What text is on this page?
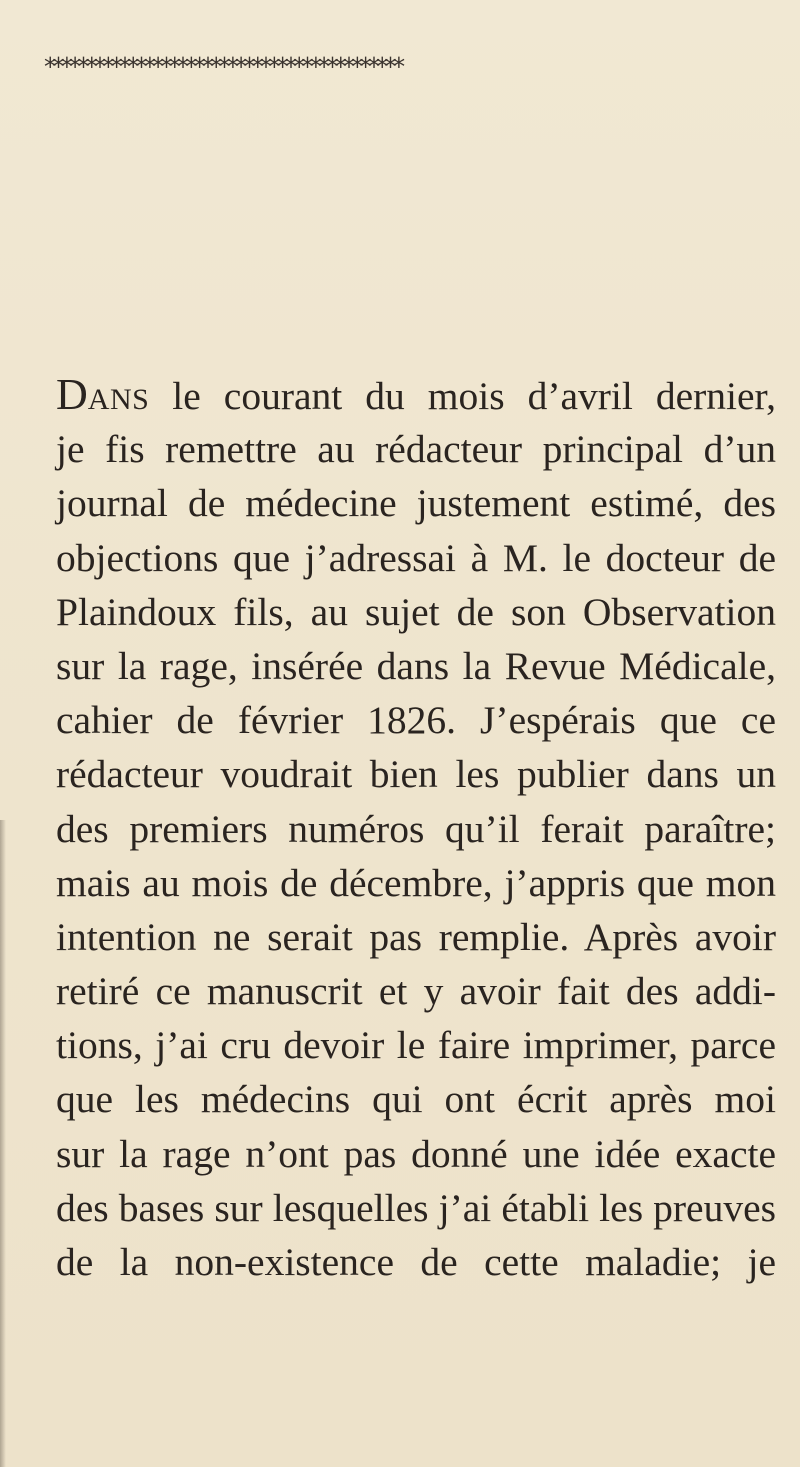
*******************************************
DANS le courant du mois d’avril dernier,
je fis remettre au rédacteur principal d’un
journal de médecine justement estimé, des
objections que j’adressai à M. le docteur de
Plaindoux fils, au sujet de son Observation
sur la rage, insérée dans la Revue Médicale,
cahier de février 1826. J’espérais que ce
rédacteur voudrait bien les publier dans un
des premiers numéros qu’il ferait paraître;
mais au mois de décembre, j’appris que mon
intention ne serait pas remplie. Après avoir
retiré ce manuscrit et y avoir fait des addi-
tions, j’ai cru devoir le faire imprimer, parce
que les médecins qui ont écrit après moi
sur la rage n’ont pas donné une idée exacte
des bases sur lesquelles j’ai établi les preuves
de la non-existence de cette maladie; je
